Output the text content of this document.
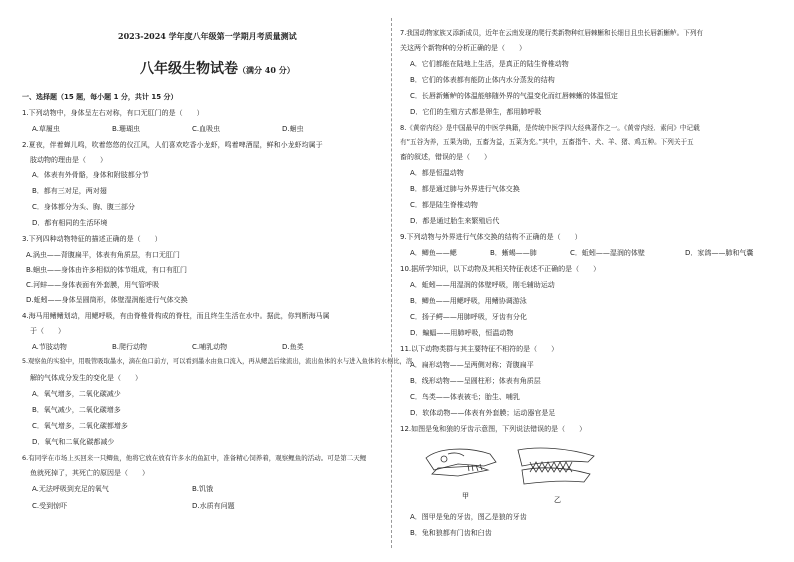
2023-2024 学年度八年级第一学期月考质量测试
八年级生物试卷（满分 40 分）
一、选择题（15 题，每小题 1 分，共计 15 分）
1.下列动物中，身体呈左右对称，有口无肛门的是（　　）
A.草履虫	B.珊瑚虫	C.血吸虫	D.蛔虫
2.夏夜，伴着蝉儿鸣，吹着悠悠的仪江风，人们喜欢吃香小龙虾，鸣着啤酒屋，鲜和小龙虾均属于
肢动物的理由是（　　）
A．体表有外骨骼，身体和附肢都分节
B．都有三对足，两对翅
C．身体都分为头、胸、腹三部分
D．都有相同的生活环境
3.下列四种动物特征的描述正确的是（　　）
A.涡虫——背腹扁平，体表有角质层，有口无肛门
B.蛔虫——身体由许多相似的体节组成，有口有肛门
C.河蚌——身体表面有外套膜，用气管呼吸
D.蚯蚓——身体呈圆筒形，体壁湿润能进行气体交换
4.海马用鳍鳍划动，用鳃呼吸，有由脊椎骨构成的脊柱，而且终生生活在水中。据此，你判断海马属
于（　　）
A.节肢动物	B.爬行动物	C.哺乳动物	D.鱼类
5.观察鱼的实验中，用吸管吸取墨水，滴在鱼口前方，可以看到墨水由鱼口流入，再从鳃盖后缘流出，流出鱼体的水与进入鱼体的水相比，溶
解的气体成分发生的变化是（　　）
A．氧气增多，二氧化碳减少
B．氧气减少，二氧化碳增多
C．氧气增多，二氧化碳都增多
D．氧气和二氧化碳都减少
6.有同学在市场上买回来一只鲫鱼，他将它放在放有许多水的鱼缸中，准备精心饲养着，观察鲤鱼的活动。可是第二天鲤
鱼就死掉了，其死亡的原因是（　　）
A.无法呼吸到充足的氧气	B.饥饿
C.受到惊吓	D.水质有问题
7.我国动物家族又添新成员，近年在云南发现的爬行类新物种红唇棘蜥和长细目且虫长唇新蜥鲈。下列有
关这两个新物种的分析正确的是（　　）
A．它们都能在陆地上生活，是真正的陆生脊椎动物
B．它们的体表都有能防止体内水分蒸发的结构
C．长唇新蜥鲈的体温能够随外界的气温变化而红唇棘蜥的体温恒定
D．它们的生殖方式都是卵生，都用肺呼吸
8.《黄帝内经》是中国最早的中医学典籍，是传统中医学四大经典著作之一。《黄帝内经．素问》中记载
有“五谷为养，五果为助，五畜为益，五菜为充。”其中，五畜指牛、犬、羊、猪、鸡五种。下列关于五
畜的叙述，错误的是（　　）
A．都是恒温动物
B．都是通过肺与外界进行气体交换
C．都是陆生脊椎动物
D．都是通过胎生来繁殖后代
9.下列动物与外界进行气体交换的结构不正确的是（　　）
A．鲫鱼——鳃	B．蜥蜴——肺	C．蚯蚓——湿润的体壁	D．家鸽——肺和气囊
10.据所学知识，以下动物及其相关特征表述不正确的是（　　）
A．蚯蚓——用湿润的体壁呼吸，刚毛辅助运动
B．鲫鱼——用鳃呼吸，用鳍协调游泳
C．扬子鳄——用肺呼吸，牙齿有分化
D．蝙蝠——用肺呼吸，恒温动物
11.以下动物类群与其主要特征不相符的是（　　）
A．扁形动物——呈两侧对称；背腹扁平
B．线形动物——呈圆柱形；体表有角质层
C．鸟类——体表被毛；胎生、哺乳
D．软体动物——体表有外套膜；运动器官是足
12.如图是兔和狼的牙齿示意图，下列说法错误的是（　　）
甲	乙
A．图甲是兔的牙齿，图乙是狼的牙齿
B．兔和狼都有门齿和臼齿
